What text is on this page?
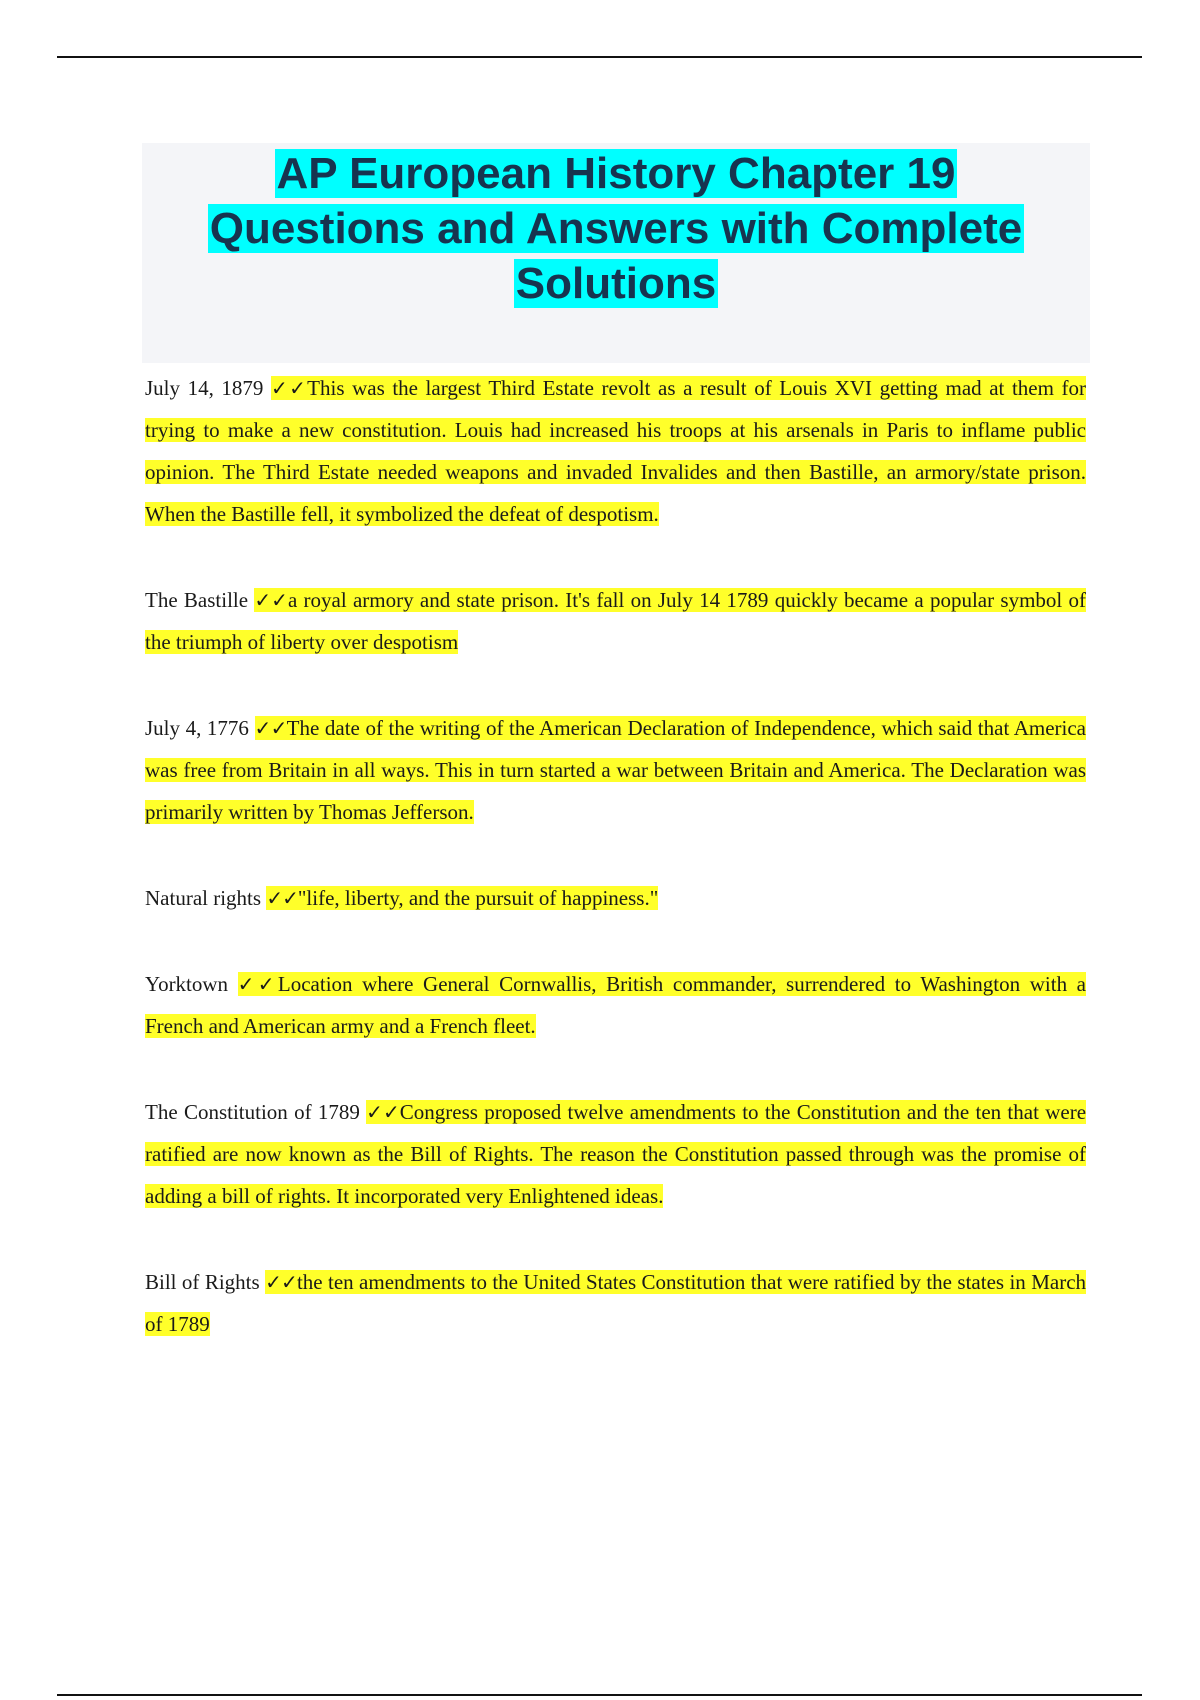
AP European History Chapter 19
Questions and Answers with Complete
Solutions

July 14, 1879 ✓✓This was the largest Third Estate revolt as a result of Louis XVI getting mad at them for trying to make a new constitution. Louis had increased his troops at his arsenals in Paris to inflame public opinion. The Third Estate needed weapons and invaded Invalides and then Bastille, an armory/state prison. When the Bastille fell, it symbolized the defeat of despotism.

The Bastille ✓✓a royal armory and state prison. It's fall on July 14 1789 quickly became a popular symbol of the triumph of liberty over despotism

July 4, 1776 ✓✓The date of the writing of the American Declaration of Independence, which said that America was free from Britain in all ways. This in turn started a war between Britain and America. The Declaration was primarily written by Thomas Jefferson.

Natural rights ✓✓"life, liberty, and the pursuit of happiness."

Yorktown ✓✓Location where General Cornwallis, British commander, surrendered to Washington with a French and American army and a French fleet.

The Constitution of 1789 ✓✓Congress proposed twelve amendments to the Constitution and the ten that were ratified are now known as the Bill of Rights. The reason the Constitution passed through was the promise of adding a bill of rights. It incorporated very Enlightened ideas.

Bill of Rights ✓✓the ten amendments to the United States Constitution that were ratified by the states in March of 1789
